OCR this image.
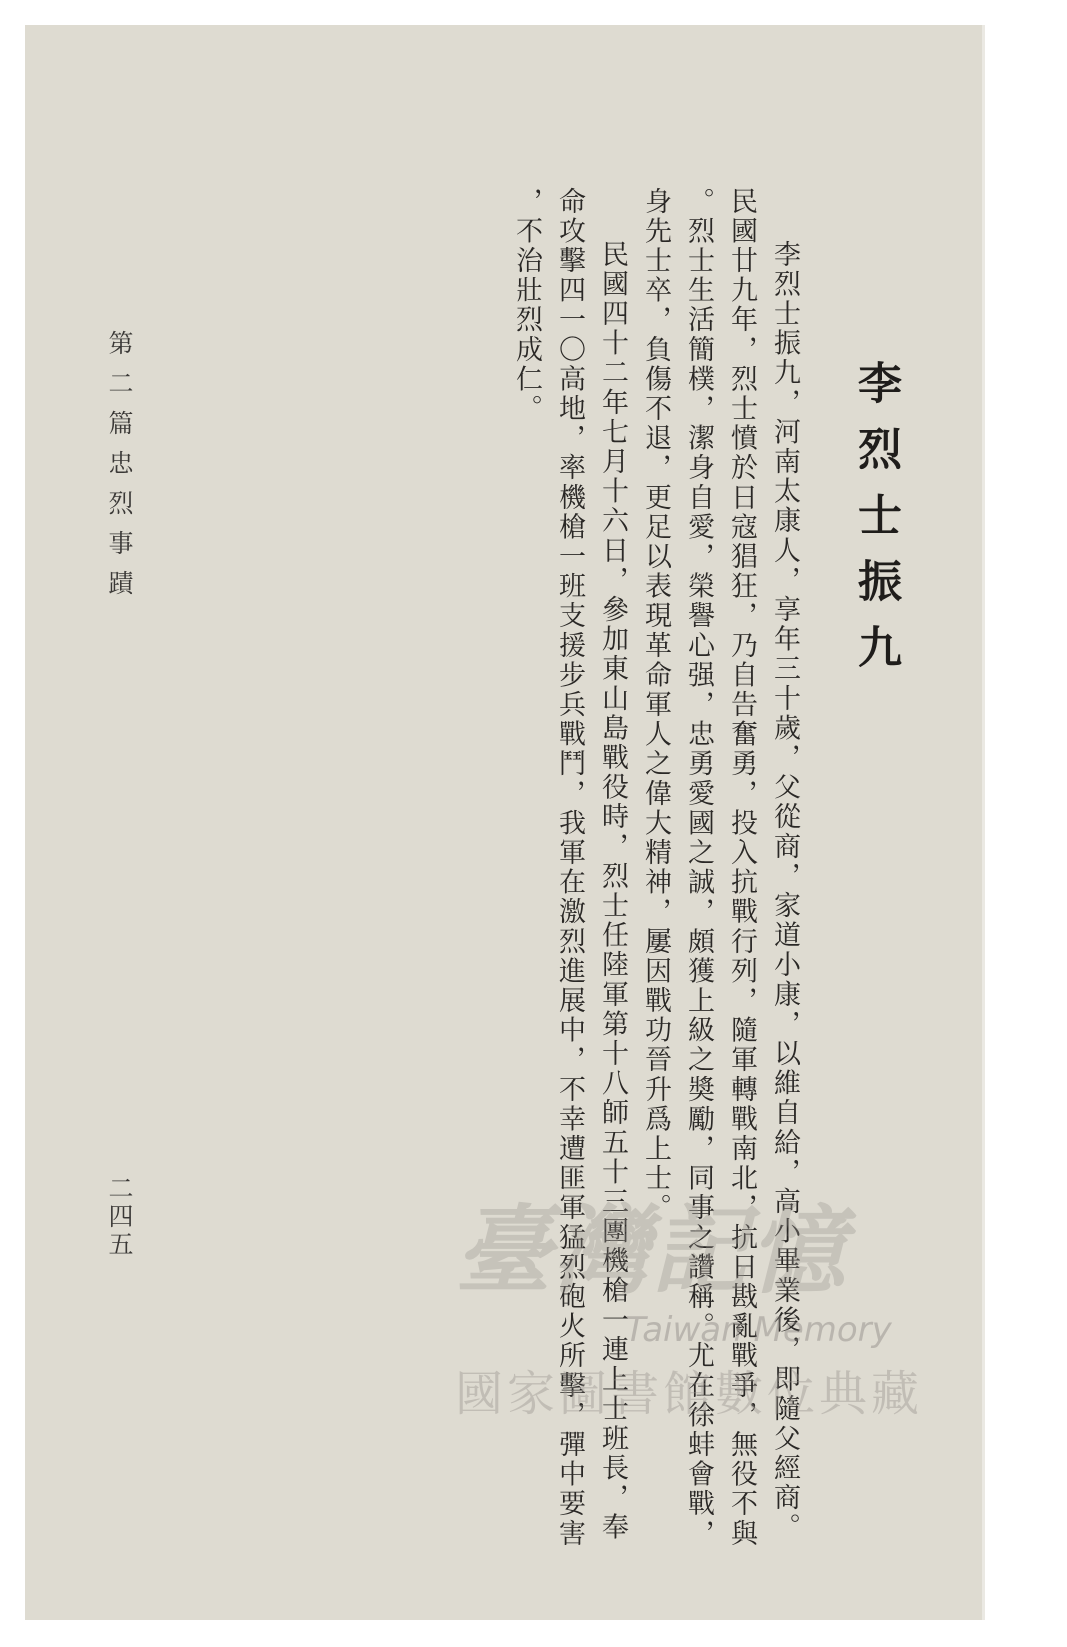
李烈士振九
李烈士振九，河南太康人，享年三十歲，父從商，家道小康，以維自給，高小畢業後，即隨父經商。
民國廿九年，烈士憤於日寇猖狂，乃自告奮勇，投入抗戰行列，隨軍轉戰南北，抗日戡亂戰爭，無役不與
。烈士生活簡樸，潔身自愛，榮譽心强，忠勇愛國之誠，頗獲上級之奬勵，同事之讚稱。尤在徐蚌會戰，
身先士卒，負傷不退，更足以表現革命軍人之偉大精神，屢因戰功晉升爲上士。
民國四十二年七月十六日，參加東山島戰役時，烈士任陸軍第十八師五十三團機槍一連上士班長，奉
命攻擊四一〇高地，率機槍一班支援步兵戰鬥，我軍在激烈進展中，不幸遭匪軍猛烈砲火所擊，彈中要害
，不治壯烈成仁。
第二篇忠烈事蹟
二四五	臺灣記憶
Taiwan Memory
國家圖書館數位典藏
